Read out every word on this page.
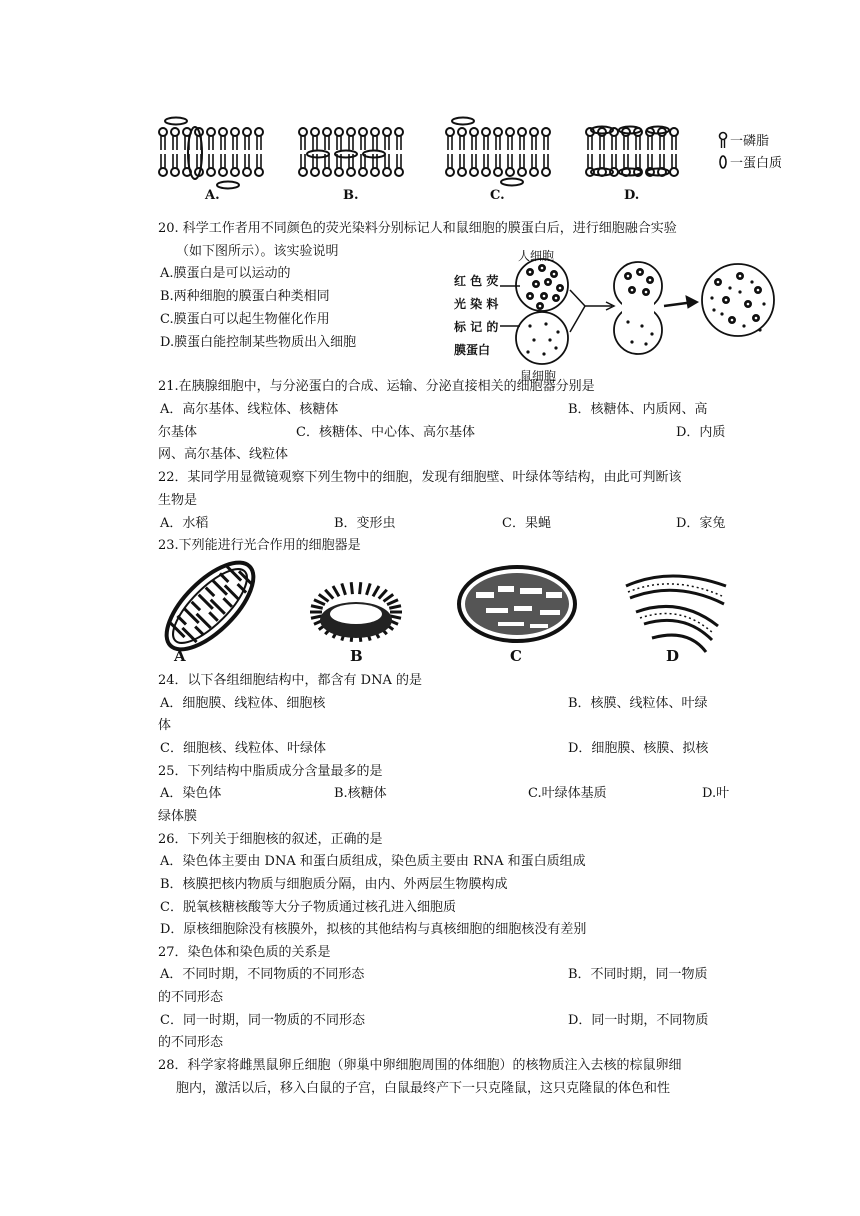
A.	B.	C.	D.
一磷脂
一蛋白质
20. 科学工作者用不同颜色的荧光染料分别标记人和鼠细胞的膜蛋白后，进行细胞融合实验
（如下图所示）。该实验说明
A.膜蛋白是可以运动的
B.两种细胞的膜蛋白种类相同
C.膜蛋白可以起生物催化作用
D.膜蛋白能控制某些物质出入细胞
人细胞
鼠细胞
红 色 荧
光 染 料
标 记 的
膜蛋白
21.在胰腺细胞中，与分泌蛋白的合成、运输、分泌直接相关的细胞器分别是
A．高尔基体、线粒体、核糖体	B．核糖体、内质网、高
尔基体	C．核糖体、中心体、高尔基体	D．内质
网、高尔基体、线粒体
22．某同学用显微镜观察下列生物中的细胞，发现有细胞壁、叶绿体等结构，由此可判断该
生物是
A．水稻	B．变形虫	C．果蝇	D．家兔
23.下列能进行光合作用的细胞器是
A	B	C	D
24．以下各组细胞结构中，都含有 DNA 的是
A．细胞膜、线粒体、细胞核	B．核膜、线粒体、叶绿
体
C．细胞核、线粒体、叶绿体	D．细胞膜、核膜、拟核
25．下列结构中脂质成分含量最多的是
A．染色体	B.核糖体	C.叶绿体基质	D.叶
绿体膜
26．下列关于细胞核的叙述，正确的是
A．染色体主要由 DNA 和蛋白质组成，染色质主要由 RNA 和蛋白质组成
B．核膜把核内物质与细胞质分隔，由内、外两层生物膜构成
C．脱氧核糖核酸等大分子物质通过核孔进入细胞质
D．原核细胞除没有核膜外，拟核的其他结构与真核细胞的细胞核没有差别
27．染色体和染色质的关系是
A．不同时期，不同物质的不同形态	B．不同时期，同一物质
的不同形态
C．同一时期，同一物质的不同形态	D．同一时期，不同物质
的不同形态
28．科学家将雌黑鼠卵丘细胞（卵巢中卵细胞周围的体细胞）的核物质注入去核的棕鼠卵细
胞内，激活以后，移入白鼠的子宫，白鼠最终产下一只克隆鼠，这只克隆鼠的体色和性
